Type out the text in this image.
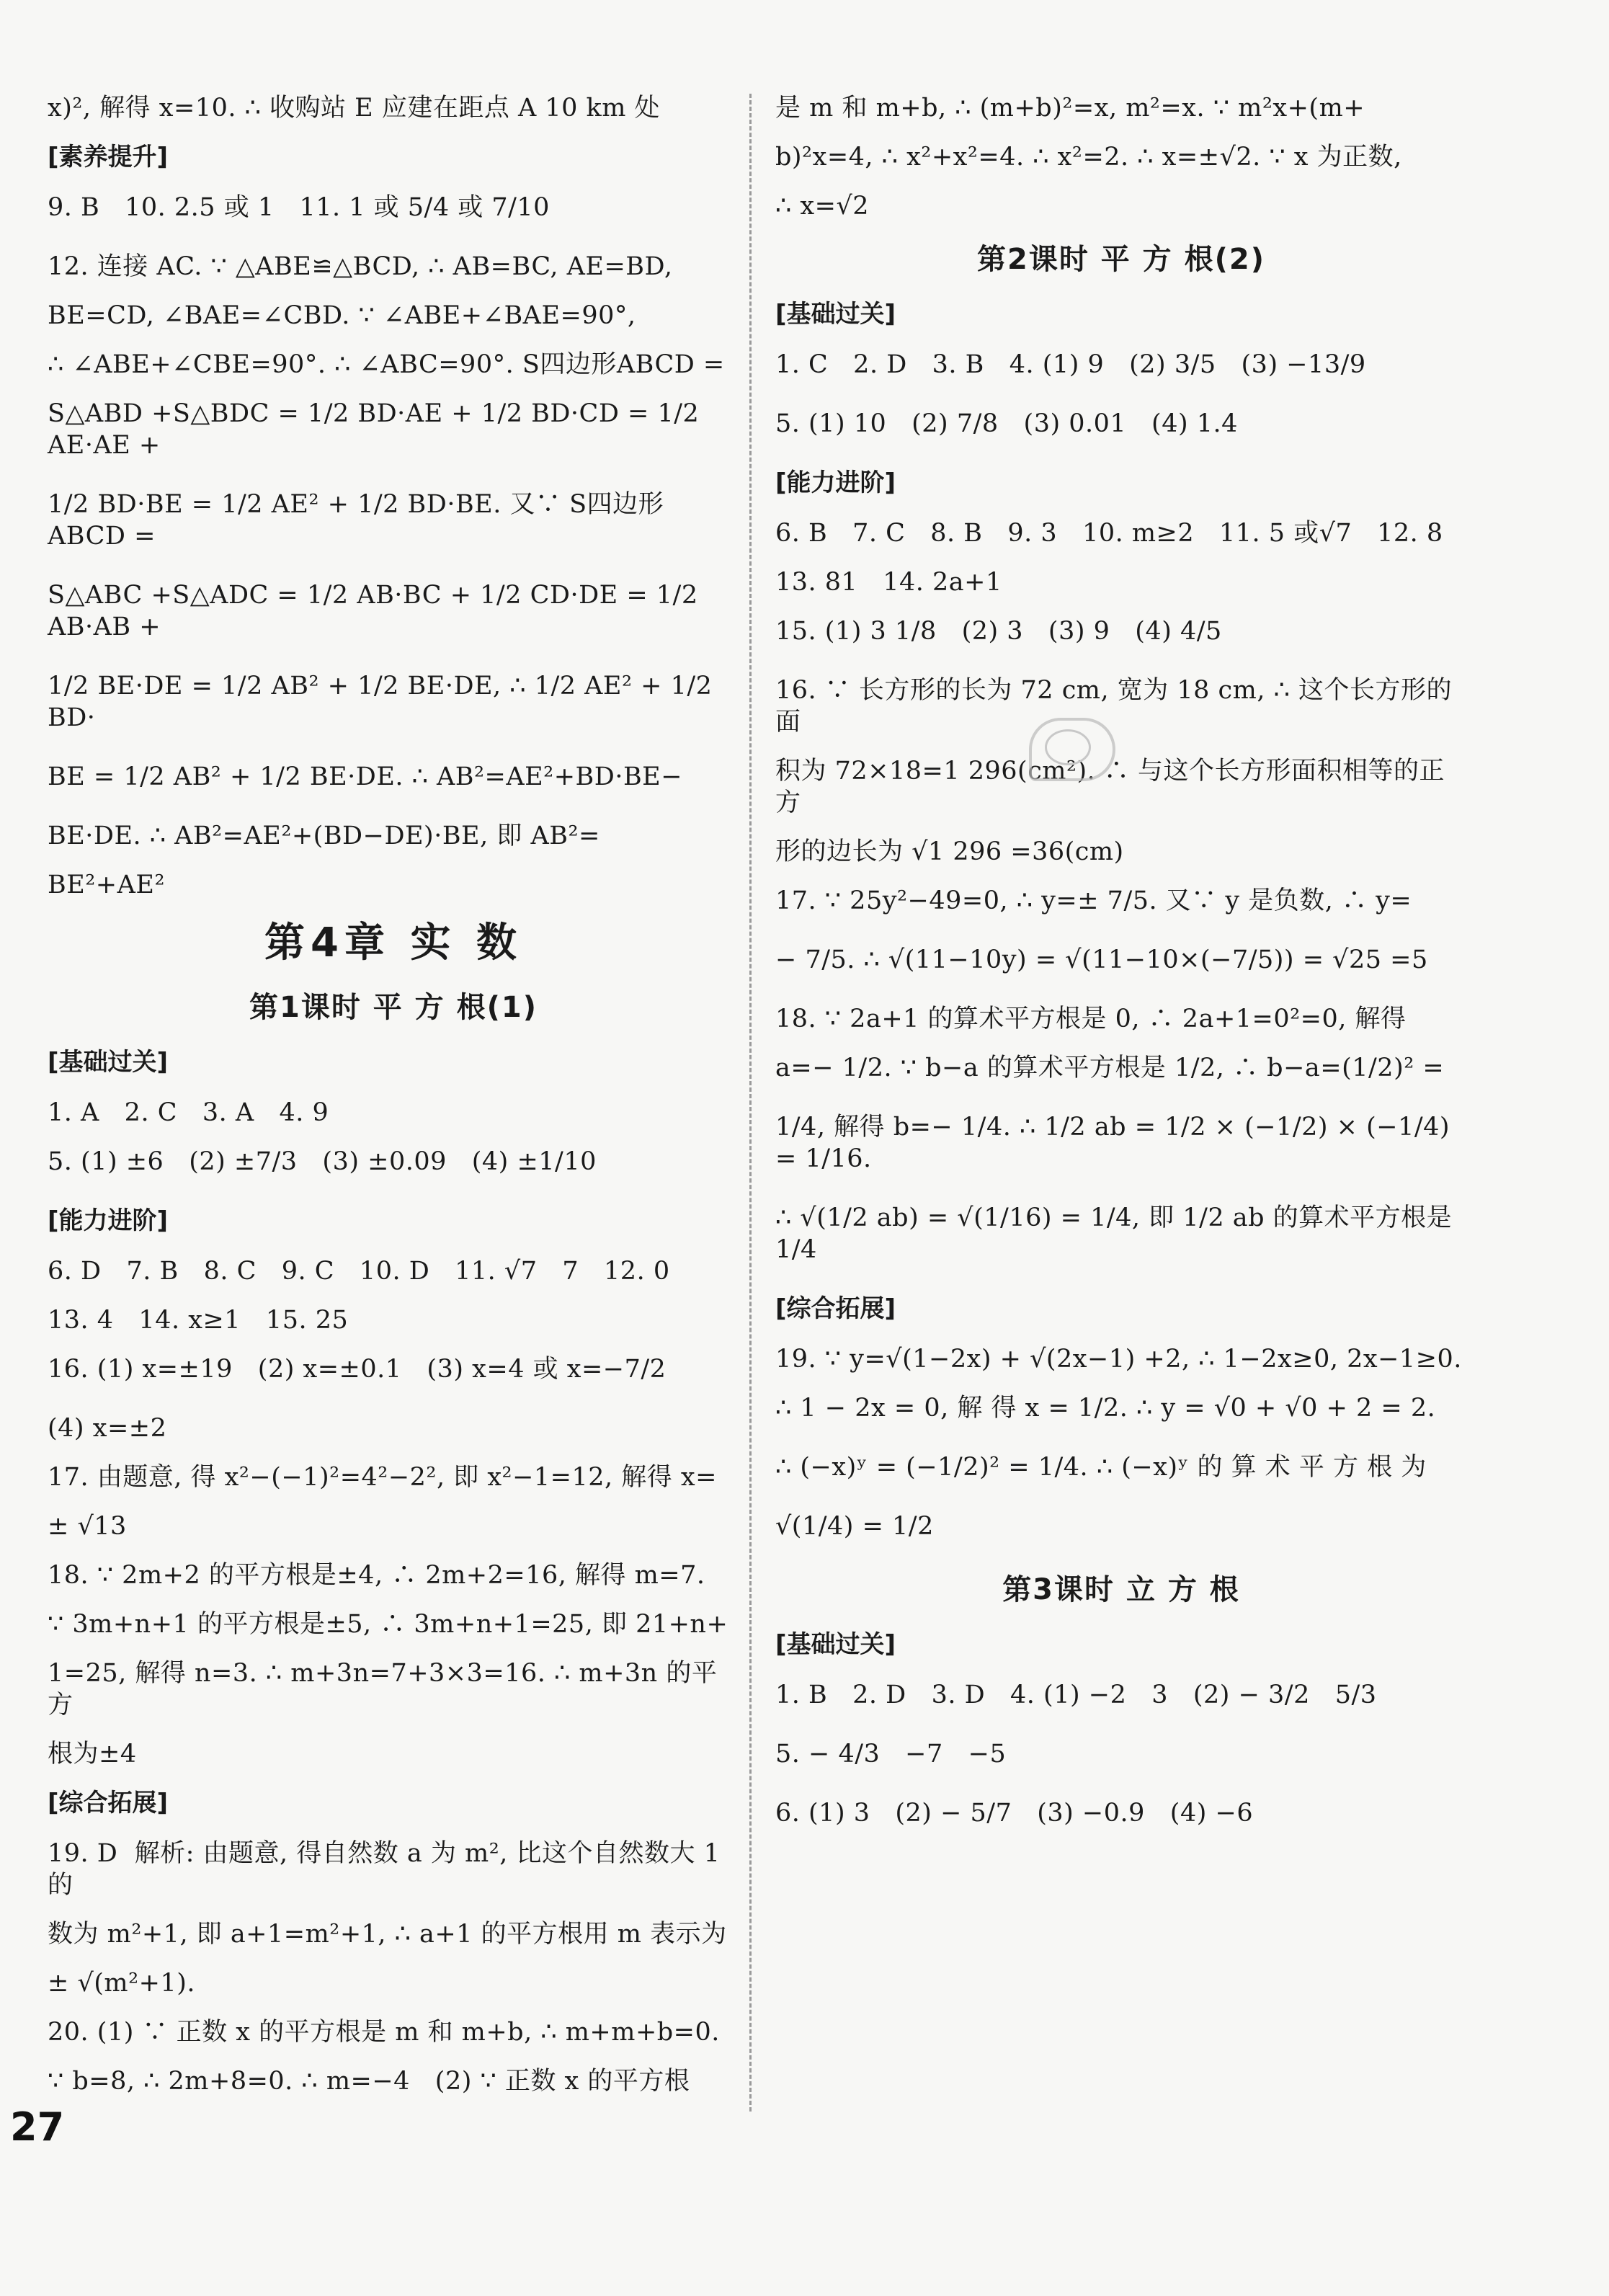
x)², 解得 x=10. ∴ 收购站 E 应建在距点 A 10 km 处
[素养提升]
9. B   10. 2.5 或 1   11. 1 或 5/4 或 7/10
12. 连接 AC. ∵ △ABE≌△BCD, ∴ AB=BC, AE=BD,
BE=CD, ∠BAE=∠CBD. ∵ ∠ABE+∠BAE=90°,
∴ ∠ABE+∠CBE=90°. ∴ ∠ABC=90°. S四边形ABCD =
S△ABD +S△BDC = 1/2 BD·AE + 1/2 BD·CD = 1/2 AE·AE +
1/2 BD·BE = 1/2 AE² + 1/2 BD·BE. 又∵ S四边形ABCD =
S△ABC +S△ADC = 1/2 AB·BC + 1/2 CD·DE = 1/2 AB·AB +
1/2 BE·DE = 1/2 AB² + 1/2 BE·DE, ∴ 1/2 AE² + 1/2 BD·
BE = 1/2 AB² + 1/2 BE·DE. ∴ AB²=AE²+BD·BE−
BE·DE. ∴ AB²=AE²+(BD−DE)·BE, 即 AB²=
BE²+AE²
第4章 实 数
第1课时 平 方 根(1)
[基础过关]
1. A   2. C   3. A   4. 9
5. (1) ±6   (2) ±7/3   (3) ±0.09   (4) ±1/10
[能力进阶]
6. D   7. B   8. C   9. C   10. D   11. √7   7   12. 0
13. 4   14. x≥1   15. 25
16. (1) x=±19   (2) x=±0.1   (3) x=4 或 x=−7/2
(4) x=±2
17. 由题意, 得 x²−(−1)²=4²−2², 即 x²−1=12, 解得 x=
± √13
18. ∵ 2m+2 的平方根是±4, ∴ 2m+2=16, 解得 m=7.
∵ 3m+n+1 的平方根是±5, ∴ 3m+n+1=25, 即 21+n+
1=25, 解得 n=3. ∴ m+3n=7+3×3=16. ∴ m+3n 的平方
根为±4
[综合拓展]
19. D  解析: 由题意, 得自然数 a 为 m², 比这个自然数大 1 的
数为 m²+1, 即 a+1=m²+1, ∴ a+1 的平方根用 m 表示为
± √(m²+1).
20. (1) ∵ 正数 x 的平方根是 m 和 m+b, ∴ m+m+b=0.
∵ b=8, ∴ 2m+8=0. ∴ m=−4   (2) ∵ 正数 x 的平方根
是 m 和 m+b, ∴ (m+b)²=x, m²=x. ∵ m²x+(m+
b)²x=4, ∴ x²+x²=4. ∴ x²=2. ∴ x=±√2. ∵ x 为正数,
∴ x=√2
第2课时 平 方 根(2)
[基础过关]
1. C   2. D   3. B   4. (1) 9   (2) 3/5   (3) −13/9
5. (1) 10   (2) 7/8   (3) 0.01   (4) 1.4
[能力进阶]
6. B   7. C   8. B   9. 3   10. m≥2   11. 5 或√7   12. 8
13. 81   14. 2a+1
15. (1) 3 1/8   (2) 3   (3) 9   (4) 4/5
16. ∵ 长方形的长为 72 cm, 宽为 18 cm, ∴ 这个长方形的面
积为 72×18=1 296(cm²). ∴ 与这个长方形面积相等的正方
形的边长为 √1 296 =36(cm)
17. ∵ 25y²−49=0, ∴ y=± 7/5. 又∵ y 是负数, ∴ y=
− 7/5. ∴ √(11−10y) = √(11−10×(−7/5)) = √25 =5
18. ∵ 2a+1 的算术平方根是 0, ∴ 2a+1=0²=0, 解得
a=− 1/2. ∵ b−a 的算术平方根是 1/2, ∴ b−a=(1/2)² =
1/4, 解得 b=− 1/4. ∴ 1/2 ab = 1/2 × (−1/2) × (−1/4) = 1/16.
∴ √(1/2 ab) = √(1/16) = 1/4, 即 1/2 ab 的算术平方根是 1/4
[综合拓展]
19. ∵ y=√(1−2x) + √(2x−1) +2, ∴ 1−2x≥0, 2x−1≥0.
∴ 1 − 2x = 0, 解 得 x = 1/2. ∴ y = √0 + √0 + 2 = 2.
∴ (−x)ʸ = (−1/2)² = 1/4. ∴ (−x)ʸ 的 算 术 平 方 根 为
√(1/4) = 1/2
第3课时 立 方 根
[基础过关]
1. B   2. D   3. D   4. (1) −2   3   (2) − 3/2   5/3
5. − 4/3   −7   −5
6. (1) 3   (2) − 5/7   (3) −0.9   (4) −6
27
